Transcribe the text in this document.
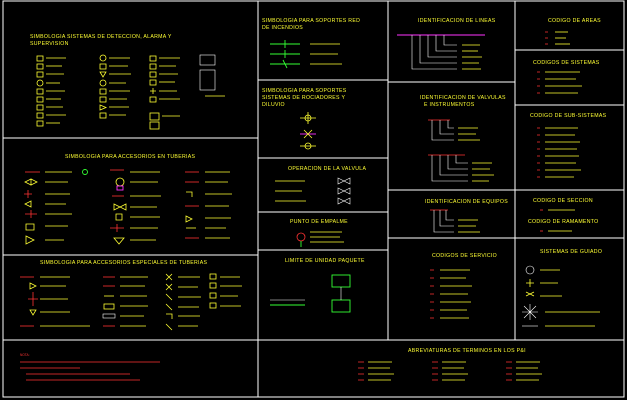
SIMBOLOGIA SISTEMAS DE DETECCION, ALARMA Y
SUPERVISION
SIMBOLOGIA PARA ACCESORIOS EN TUBERIAS
SIMBOLOGIA PARA ACCESORIOS ESPECIALES DE TUBERIAS
SIMBOLOGIA PARA SOPORTES RED
DE INCENDIOS
SIMBOLOGIA PARA SOPORTES
SISTEMAS DE ROCIADORES Y
DILUVIO
OPERACION DE LA VALVULA
PUNTO DE EMPALME
LIMITE DE UNIDAD PAQUETE
IDENTIFICACION DE LINEAS
IDENTIFICACION DE VALVULAS
E INSTRUMENTOS
IDENTIFICACION DE EQUIPOS
CODIGOS DE SERVICIO
CODIGO DE AREAS
CODIGOS DE SISTEMAS
CODIGO DE SUB-SISTEMAS
CODIGO DE SECCION
CODIGO DE RAMAMENTO
SISTEMAS DE GUIADO
NOTA:
ABREVIATURAS DE TERMINOS EN LOS P&I
